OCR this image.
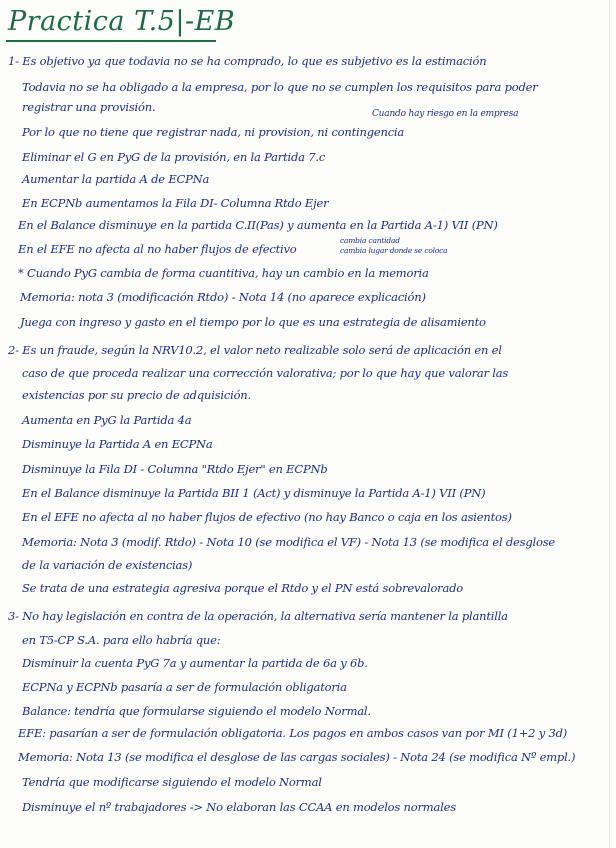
Practica T.5|-EB
1- Es objetivo ya que todavia no se ha comprado, lo que es subjetivo es la estimación
Todavia no se ha obligado a la empresa, por lo que no se cumplen los requisitos para poder
registrar una provisión.	Cuando hay riesgo en la empresa
Por lo que no tiene que registrar nada, ni provision, ni contingencia
Eliminar el G en PyG de la provisión, en la Partida 7.c
Aumentar la partida A de ECPNa
En ECPNb aumentamos la Fila DI- Columna Rtdo Ejer
En el Balance disminuye en la partida C.II(Pas) y aumenta en la Partida A-1) VII (PN)
En el EFE no afecta al no haber flujos de efectivo
cambia cantidad
cambia lugar donde se coloca
* Cuando PyG cambia de forma cuantitiva, hay un cambio en la memoria
Memoria: nota 3 (modificación Rtdo) - Nota 14 (no aparece explicación)
Juega con ingreso y gasto en el tiempo por lo que es una estrategia de alisamiento
2- Es un fraude, según la NRV10.2, el valor neto realizable solo será de aplicación en el
caso de que proceda realizar una corrección valorativa; por lo que hay que valorar las
existencias por su precio de adquisición.
Aumenta en PyG la Partida 4a
Disminuye la Partida A en ECPNa
Disminuye la Fila DI - Columna "Rtdo Ejer" en ECPNb
En el Balance disminuye la Partida BII 1 (Act) y disminuye la Partida A-1) VII (PN)
En el EFE no afecta al no haber flujos de efectivo (no hay Banco o caja en los asientos)
Memoria: Nota 3 (modif. Rtdo) - Nota 10 (se modifica el VF) - Nota 13 (se modifica el desglose
de la variación de existencias)
Se trata de una estrategia agresiva porque el Rtdo y el PN está sobrevalorado
3- No hay legislación en contra de la operación, la alternativa sería mantener la plantilla
en T5-CP S.A. para ello habría que:
Disminuir la cuenta PyG 7a y aumentar la partida de 6a y 6b.
ECPNa y ECPNb pasaría a ser de formulación obligatoria
Balance: tendría que formularse siguiendo el modelo Normal.
EFE: pasarían a ser de formulación obligatoria. Los pagos en ambos casos van por MI (1+2 y 3d)
Memoria: Nota 13 (se modifica el desglose de las cargas sociales) - Nota 24 (se modifica Nº empl.)
Tendría que modificarse siguiendo el modelo Normal
Disminuye el nº trabajadores -> No elaboran las CCAA en modelos normales
